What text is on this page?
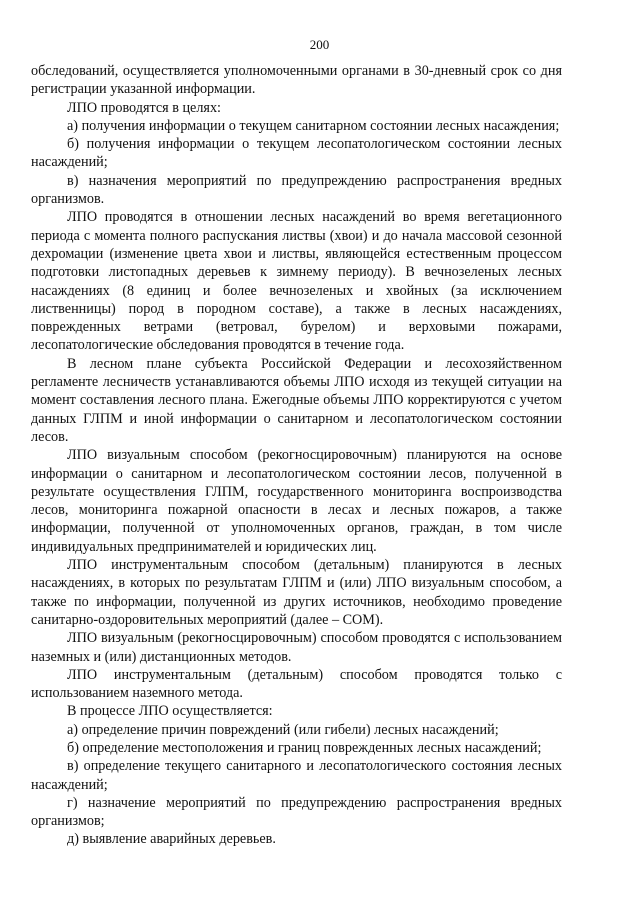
200

обследований, осуществляется уполномоченными органами в 30-дневный срок со дня регистрации указанной информации.

ЛПО проводятся в целях:

а) получения информации о текущем санитарном состоянии лесных насаждения;

б) получения информации о текущем лесопатологическом состоянии лесных насаждений;

в) назначения мероприятий по предупреждению распространения вредных организмов.

ЛПО проводятся в отношении лесных насаждений во время вегетационного периода с момента полного распускания листвы (хвои) и до начала массовой сезонной дехромации (изменение цвета хвои и листвы, являющейся естественным процессом подготовки листопадных деревьев к зимнему периоду). В вечнозеленых лесных насаждениях (8 единиц и более вечнозеленых и хвойных (за исключением лиственницы) пород в породном составе), а также в лесных насаждениях, поврежденных ветрами (ветровал, бурелом) и верховыми пожарами, лесопатологические обследования проводятся в течение года.

В лесном плане субъекта Российской Федерации и лесохозяйственном регламенте лесничеств устанавливаются объемы ЛПО исходя из текущей ситуации на момент составления лесного плана. Ежегодные объемы ЛПО корректируются с учетом данных ГЛПМ и иной информации о санитарном и лесопатологическом состоянии лесов.

ЛПО визуальным способом (рекогносцировочным) планируются на основе информации о санитарном и лесопатологическом состоянии лесов, полученной в результате осуществления ГЛПМ, государственного мониторинга воспроизводства лесов, мониторинга пожарной опасности в лесах и лесных пожаров, а также информации, полученной от уполномоченных органов, граждан, в том числе индивидуальных предпринимателей и юридических лиц.

ЛПО инструментальным способом (детальным) планируются в лесных насаждениях, в которых по результатам ГЛПМ и (или) ЛПО визуальным способом, а также по информации, полученной из других источников, необходимо проведение санитарно-оздоровительных мероприятий (далее – СОМ).

ЛПО визуальным (рекогносцировочным) способом проводятся с использованием наземных и (или) дистанционных методов.

ЛПО инструментальным (детальным) способом проводятся только с использованием наземного метода.

В процессе ЛПО осуществляется:

а) определение причин повреждений (или гибели) лесных насаждений;

б) определение местоположения и границ поврежденных лесных насаждений;

в) определение текущего санитарного и лесопатологического состояния лесных насаждений;

г) назначение мероприятий по предупреждению распространения вредных организмов;

д) выявление аварийных деревьев.
